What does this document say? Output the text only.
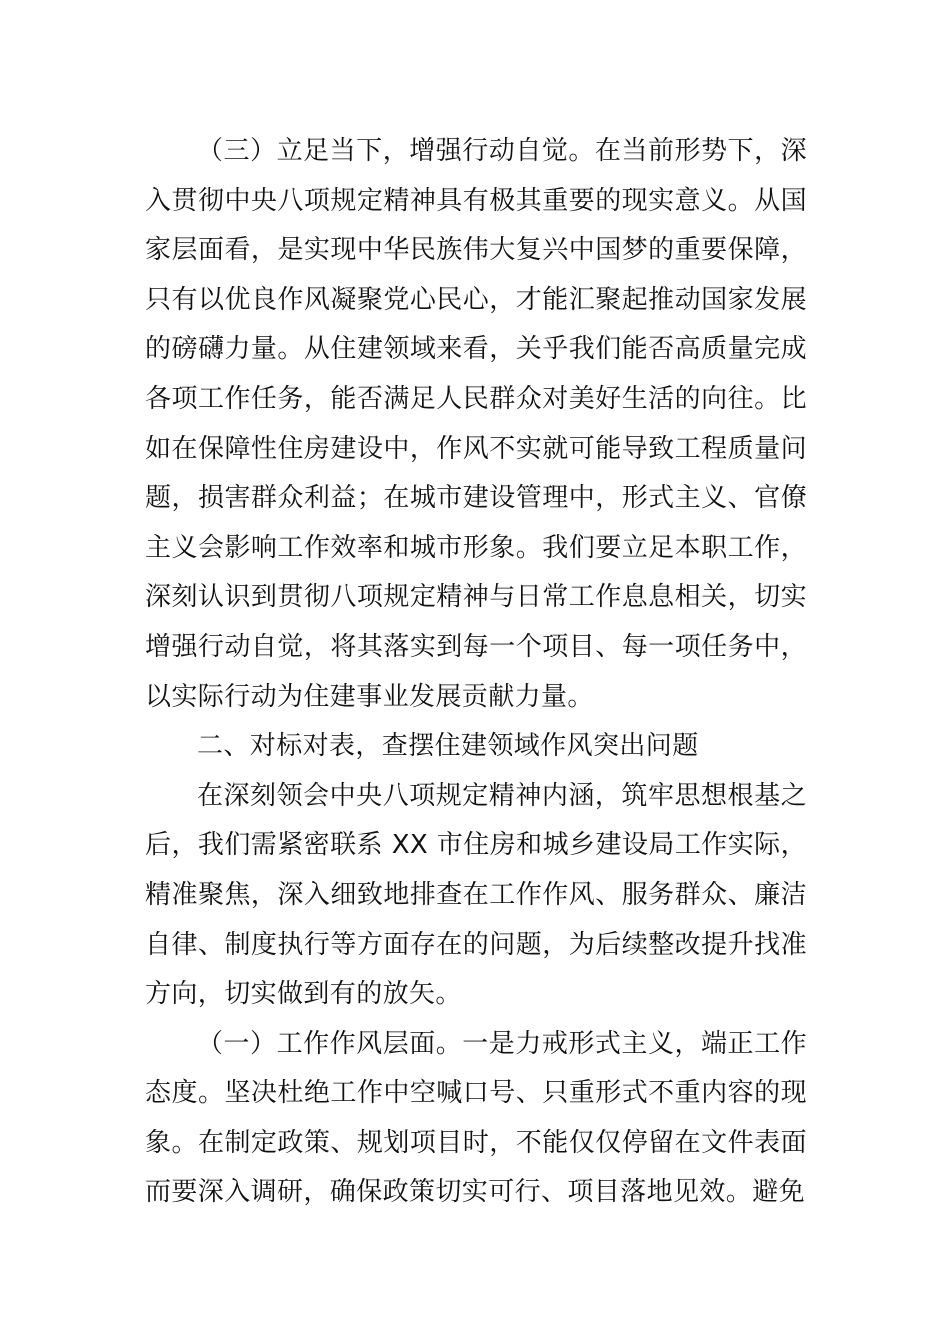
（三）立足当下，增强行动自觉。在当前形势下，深入贯彻中央八项规定精神具有极其重要的现实意义。从国家层面看，是实现中华民族伟大复兴中国梦的重要保障，只有以优良作风凝聚党心民心，才能汇聚起推动国家发展的磅礴力量。从住建领域来看，关乎我们能否高质量完成各项工作任务，能否满足人民群众对美好生活的向往。比如在保障性住房建设中，作风不实就可能导致工程质量问题，损害群众利益；在城市建设管理中，形式主义、官僚主义会影响工作效率和城市形象。我们要立足本职工作，深刻认识到贯彻八项规定精神与日常工作息息相关，切实增强行动自觉，将其落实到每一个项目、每一项任务中，以实际行动为住建事业发展贡献力量。

二、对标对表，查摆住建领域作风突出问题

在深刻领会中央八项规定精神内涵，筑牢思想根基之后，我们需紧密联系 XX 市住房和城乡建设局工作实际，精准聚焦，深入细致地排查在工作作风、服务群众、廉洁自律、制度执行等方面存在的问题，为后续整改提升找准方向，切实做到有的放矢。

（一）工作作风层面。一是力戒形式主义，端正工作态度。坚决杜绝工作中空喊口号、只重形式不重内容的现象。在制定政策、规划项目时，不能仅仅停留在文件表面而要深入调研，确保政策切实可行、项目落地见效。避免
